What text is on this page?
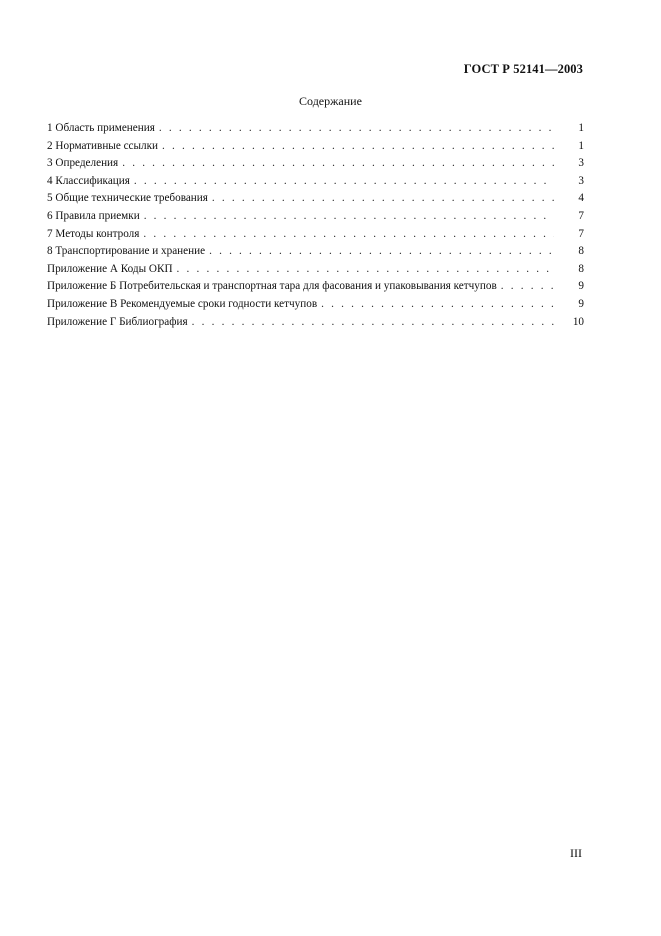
ГОСТ Р 52141—2003
Содержание
1 Область применения . . .	1
2 Нормативные ссылки . . .	1
3 Определения . . .	3
4 Классификация . . .	3
5 Общие технические требования . . .	4
6 Правила приемки . . .	7
7 Методы контроля . . .	7
8 Транспортирование и хранение . . .	8
Приложение А Коды ОКП . . .	8
Приложение Б Потребительская и транспортная тара для фасования и упаковывания кетчупов . . .	9
Приложение В Рекомендуемые сроки годности кетчупов . . .	9
Приложение Г Библиография . . .	10
III
